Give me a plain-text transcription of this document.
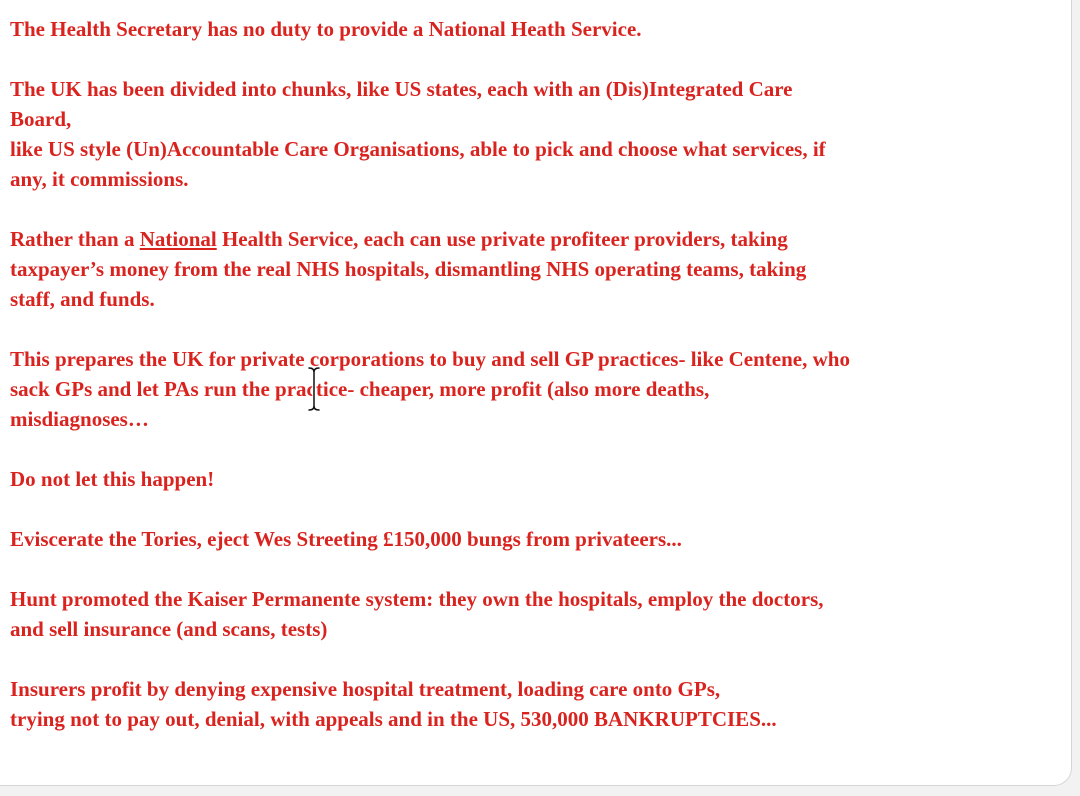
The Health Secretary has no duty to provide a National Heath Service.

The UK has been divided into chunks, like US states, each with an (Dis)Integrated Care
Board,
like US style (Un)Accountable Care Organisations, able to pick and choose what services, if
any, it commissions.

Rather than a National Health Service, each can use private profiteer providers, taking
taxpayer’s money from the real NHS hospitals, dismantling NHS operating teams, taking
staff, and funds.

This prepares the UK for private corporations to buy and sell GP practices- like Centene, who
sack GPs and let PAs run the practice- cheaper, more profit (also more deaths,
misdiagnoses…

Do not let this happen!

Eviscerate the Tories, eject Wes Streeting £150,000 bungs from privateers...

Hunt promoted the Kaiser Permanente system: they own the hospitals, employ the doctors,
and sell insurance (and scans, tests)

Insurers profit by denying expensive hospital treatment, loading care onto GPs,
trying not to pay out, denial, with appeals and in the US, 530,000 BANKRUPTCIES...
